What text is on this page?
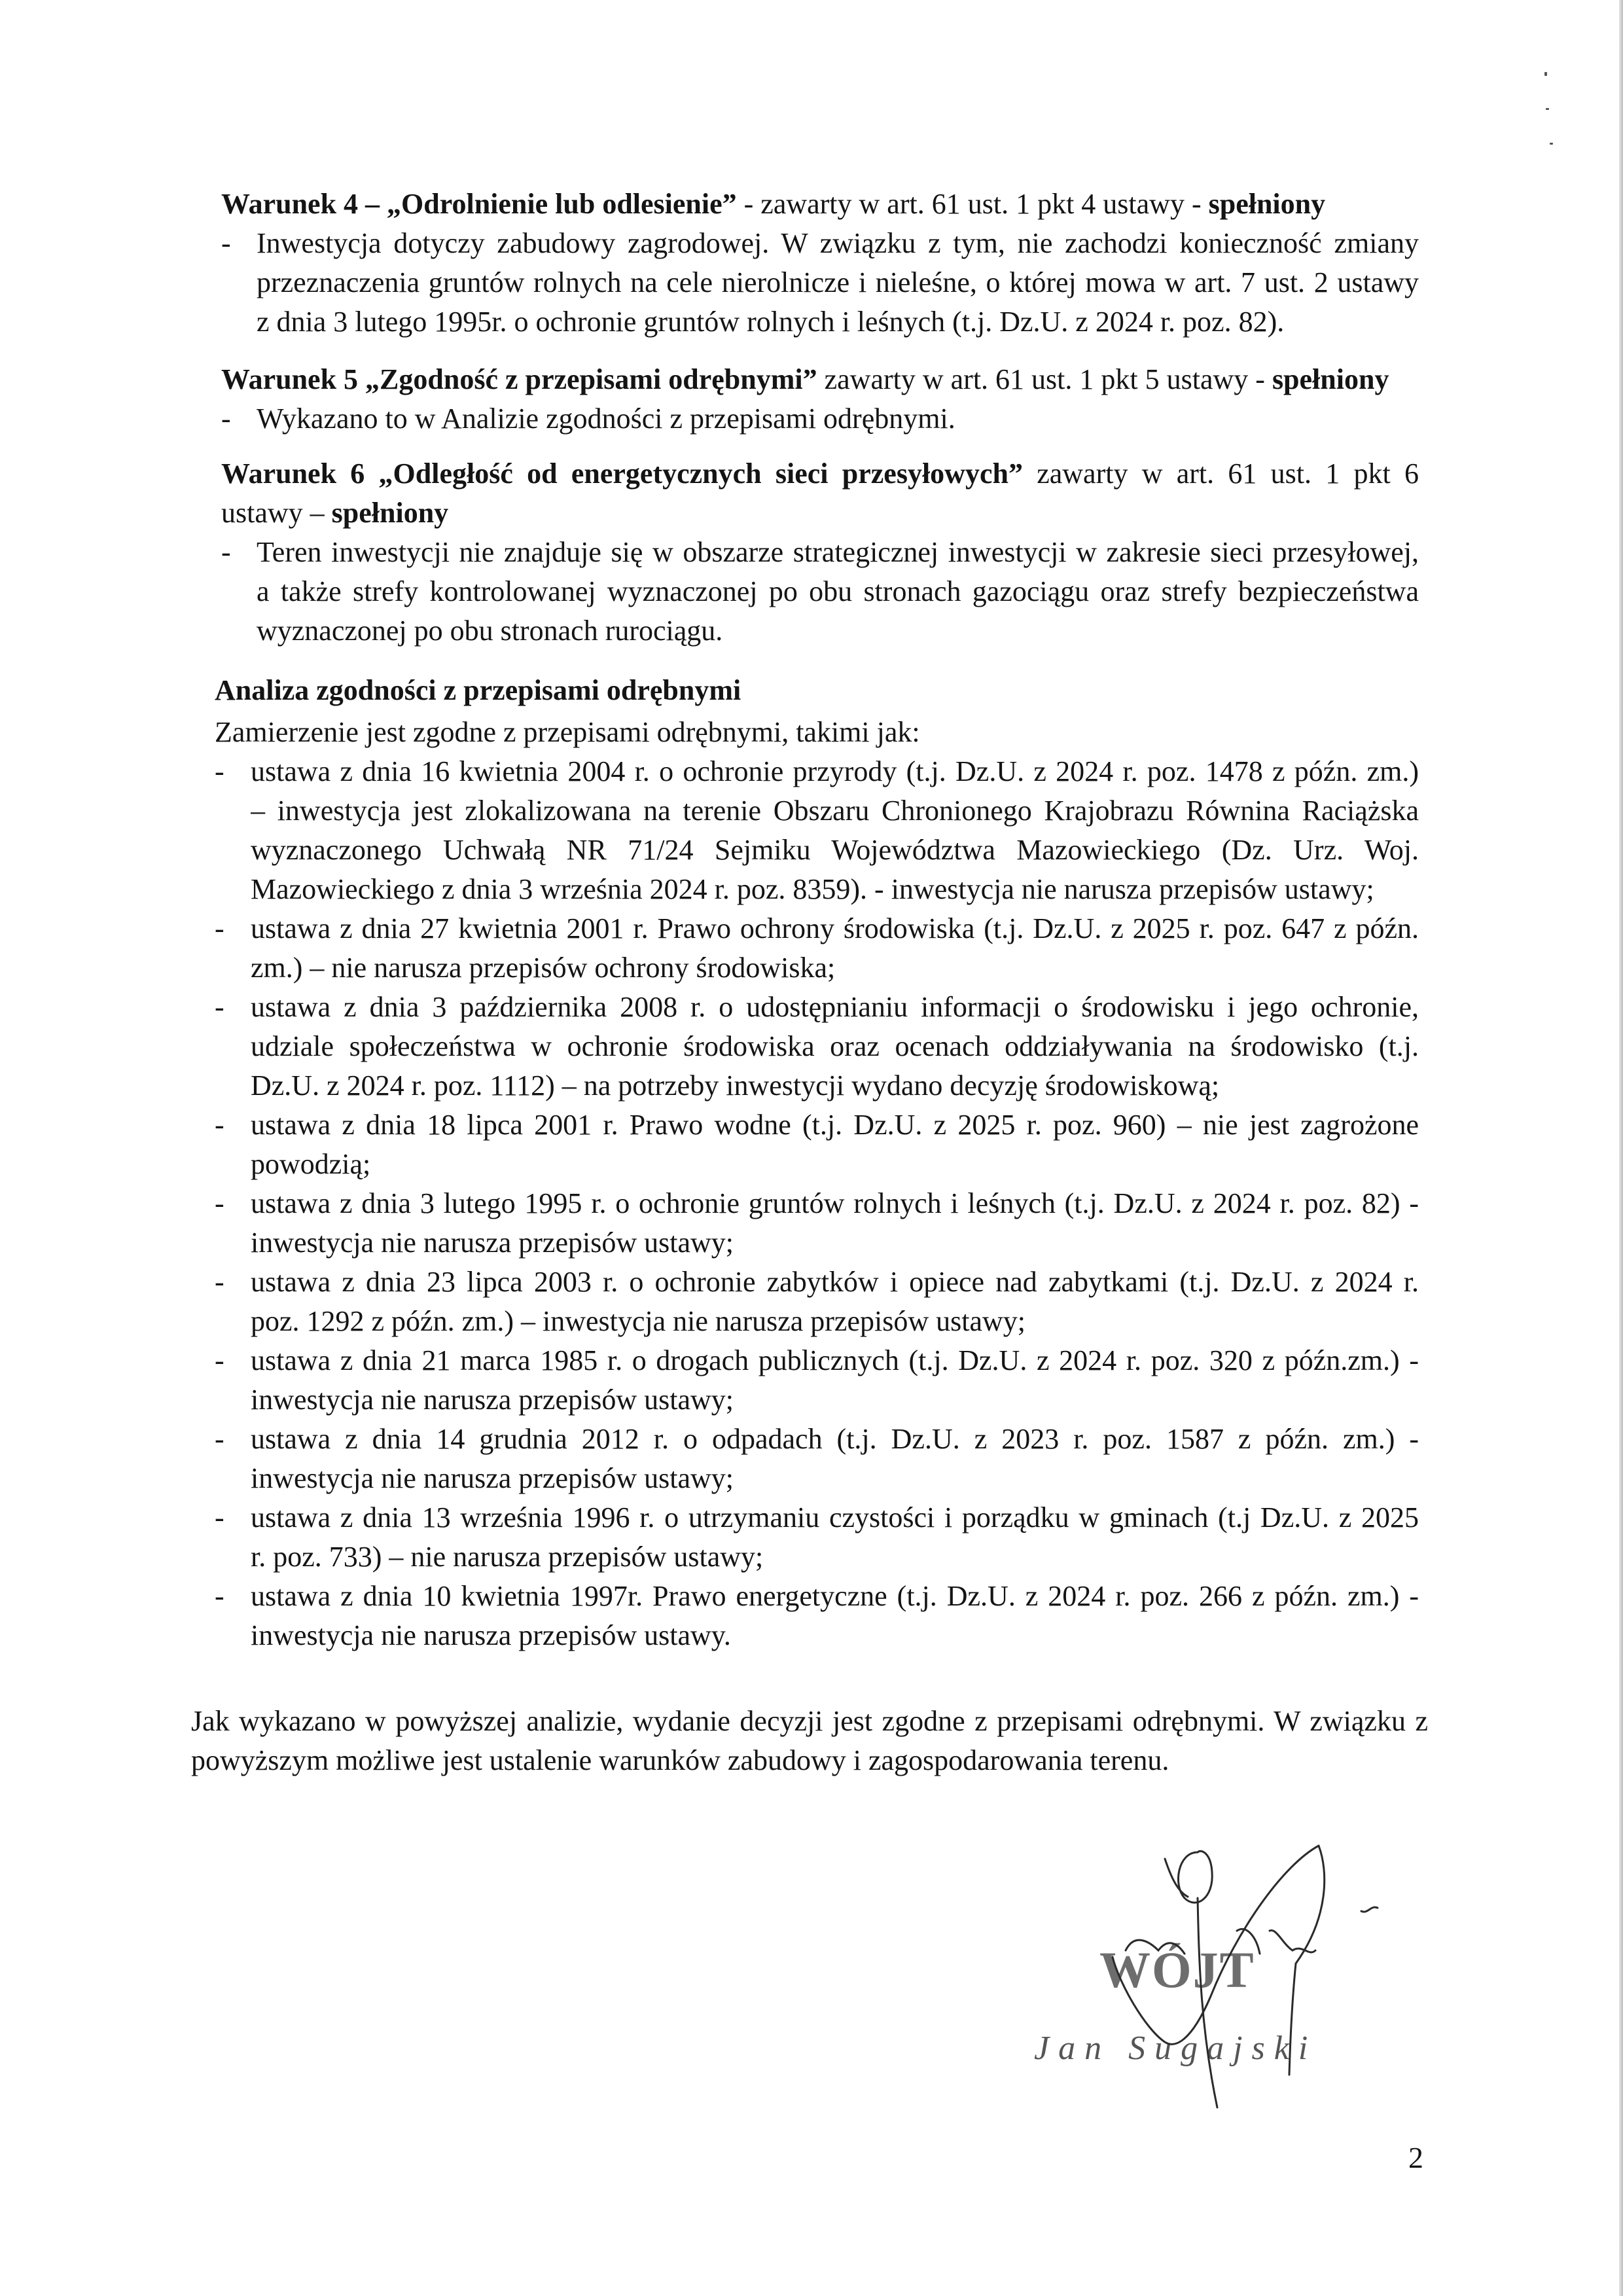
Warunek 4 – „Odrolnienie lub odlesienie” - zawarty w art. 61 ust. 1 pkt 4 ustawy - spełniony
- Inwestycja dotyczy zabudowy zagrodowej. W związku z tym, nie zachodzi konieczność zmiany
przeznaczenia gruntów rolnych na cele nierolnicze i nieleśne, o której mowa w art. 7 ust. 2 ustawy
z dnia 3 lutego 1995r. o ochronie gruntów rolnych i leśnych (t.j. Dz.U. z 2024 r. poz. 82).
Warunek 5 „Zgodność z przepisami odrębnymi” zawarty w art. 61 ust. 1 pkt 5 ustawy - spełniony
- Wykazano to w Analizie zgodności z przepisami odrębnymi.
Warunek 6 „Odległość od energetycznych sieci przesyłowych” zawarty w art. 61 ust. 1 pkt 6
ustawy – spełniony
- Teren inwestycji nie znajduje się w obszarze strategicznej inwestycji w zakresie sieci przesyłowej,
a także strefy kontrolowanej wyznaczonej po obu stronach gazociągu oraz strefy bezpieczeństwa
wyznaczonej po obu stronach rurociągu.
Analiza zgodności z przepisami odrębnymi
Zamierzenie jest zgodne z przepisami odrębnymi, takimi jak:
- ustawa z dnia 16 kwietnia 2004 r. o ochronie przyrody (t.j. Dz.U. z 2024 r. poz. 1478 z późn. zm.)
– inwestycja jest zlokalizowana na terenie Obszaru Chronionego Krajobrazu Równina Raciążska
wyznaczonego Uchwałą NR 71/24 Sejmiku Województwa Mazowieckiego (Dz. Urz. Woj.
Mazowieckiego z dnia 3 września 2024 r. poz. 8359). - inwestycja nie narusza przepisów ustawy;
- ustawa z dnia 27 kwietnia 2001 r. Prawo ochrony środowiska (t.j. Dz.U. z 2025 r. poz. 647 z późn.
zm.) – nie narusza przepisów ochrony środowiska;
- ustawa z dnia 3 października 2008 r. o udostępnianiu informacji o środowisku i jego ochronie,
udziale społeczeństwa w ochronie środowiska oraz ocenach oddziaływania na środowisko (t.j.
Dz.U. z 2024 r. poz. 1112) – na potrzeby inwestycji wydano decyzję środowiskową;
- ustawa z dnia 18 lipca 2001 r. Prawo wodne (t.j. Dz.U. z 2025 r. poz. 960) – nie jest zagrożone
powodzią;
- ustawa z dnia 3 lutego 1995 r. o ochronie gruntów rolnych i leśnych (t.j. Dz.U. z 2024 r. poz. 82) -
inwestycja nie narusza przepisów ustawy;
- ustawa z dnia 23 lipca 2003 r. o ochronie zabytków i opiece nad zabytkami (t.j. Dz.U. z 2024 r.
poz. 1292 z późn. zm.) – inwestycja nie narusza przepisów ustawy;
- ustawa z dnia 21 marca 1985 r. o drogach publicznych (t.j. Dz.U. z 2024 r. poz. 320 z późn.zm.) -
inwestycja nie narusza przepisów ustawy;
- ustawa z dnia 14 grudnia 2012 r. o odpadach (t.j. Dz.U. z 2023 r. poz. 1587 z późn. zm.) -
inwestycja nie narusza przepisów ustawy;
- ustawa z dnia 13 września 1996 r. o utrzymaniu czystości i porządku w gminach (t.j Dz.U. z 2025
r. poz. 733) – nie narusza przepisów ustawy;
- ustawa z dnia 10 kwietnia 1997r. Prawo energetyczne (t.j. Dz.U. z 2024 r. poz. 266 z późn. zm.) -
inwestycja nie narusza przepisów ustawy.
Jak wykazano w powyższej analizie, wydanie decyzji jest zgodne z przepisami odrębnymi. W związku z
powyższym możliwe jest ustalenie warunków zabudowy i zagospodarowania terenu.
WÓJT
Jan Sugajski
2
